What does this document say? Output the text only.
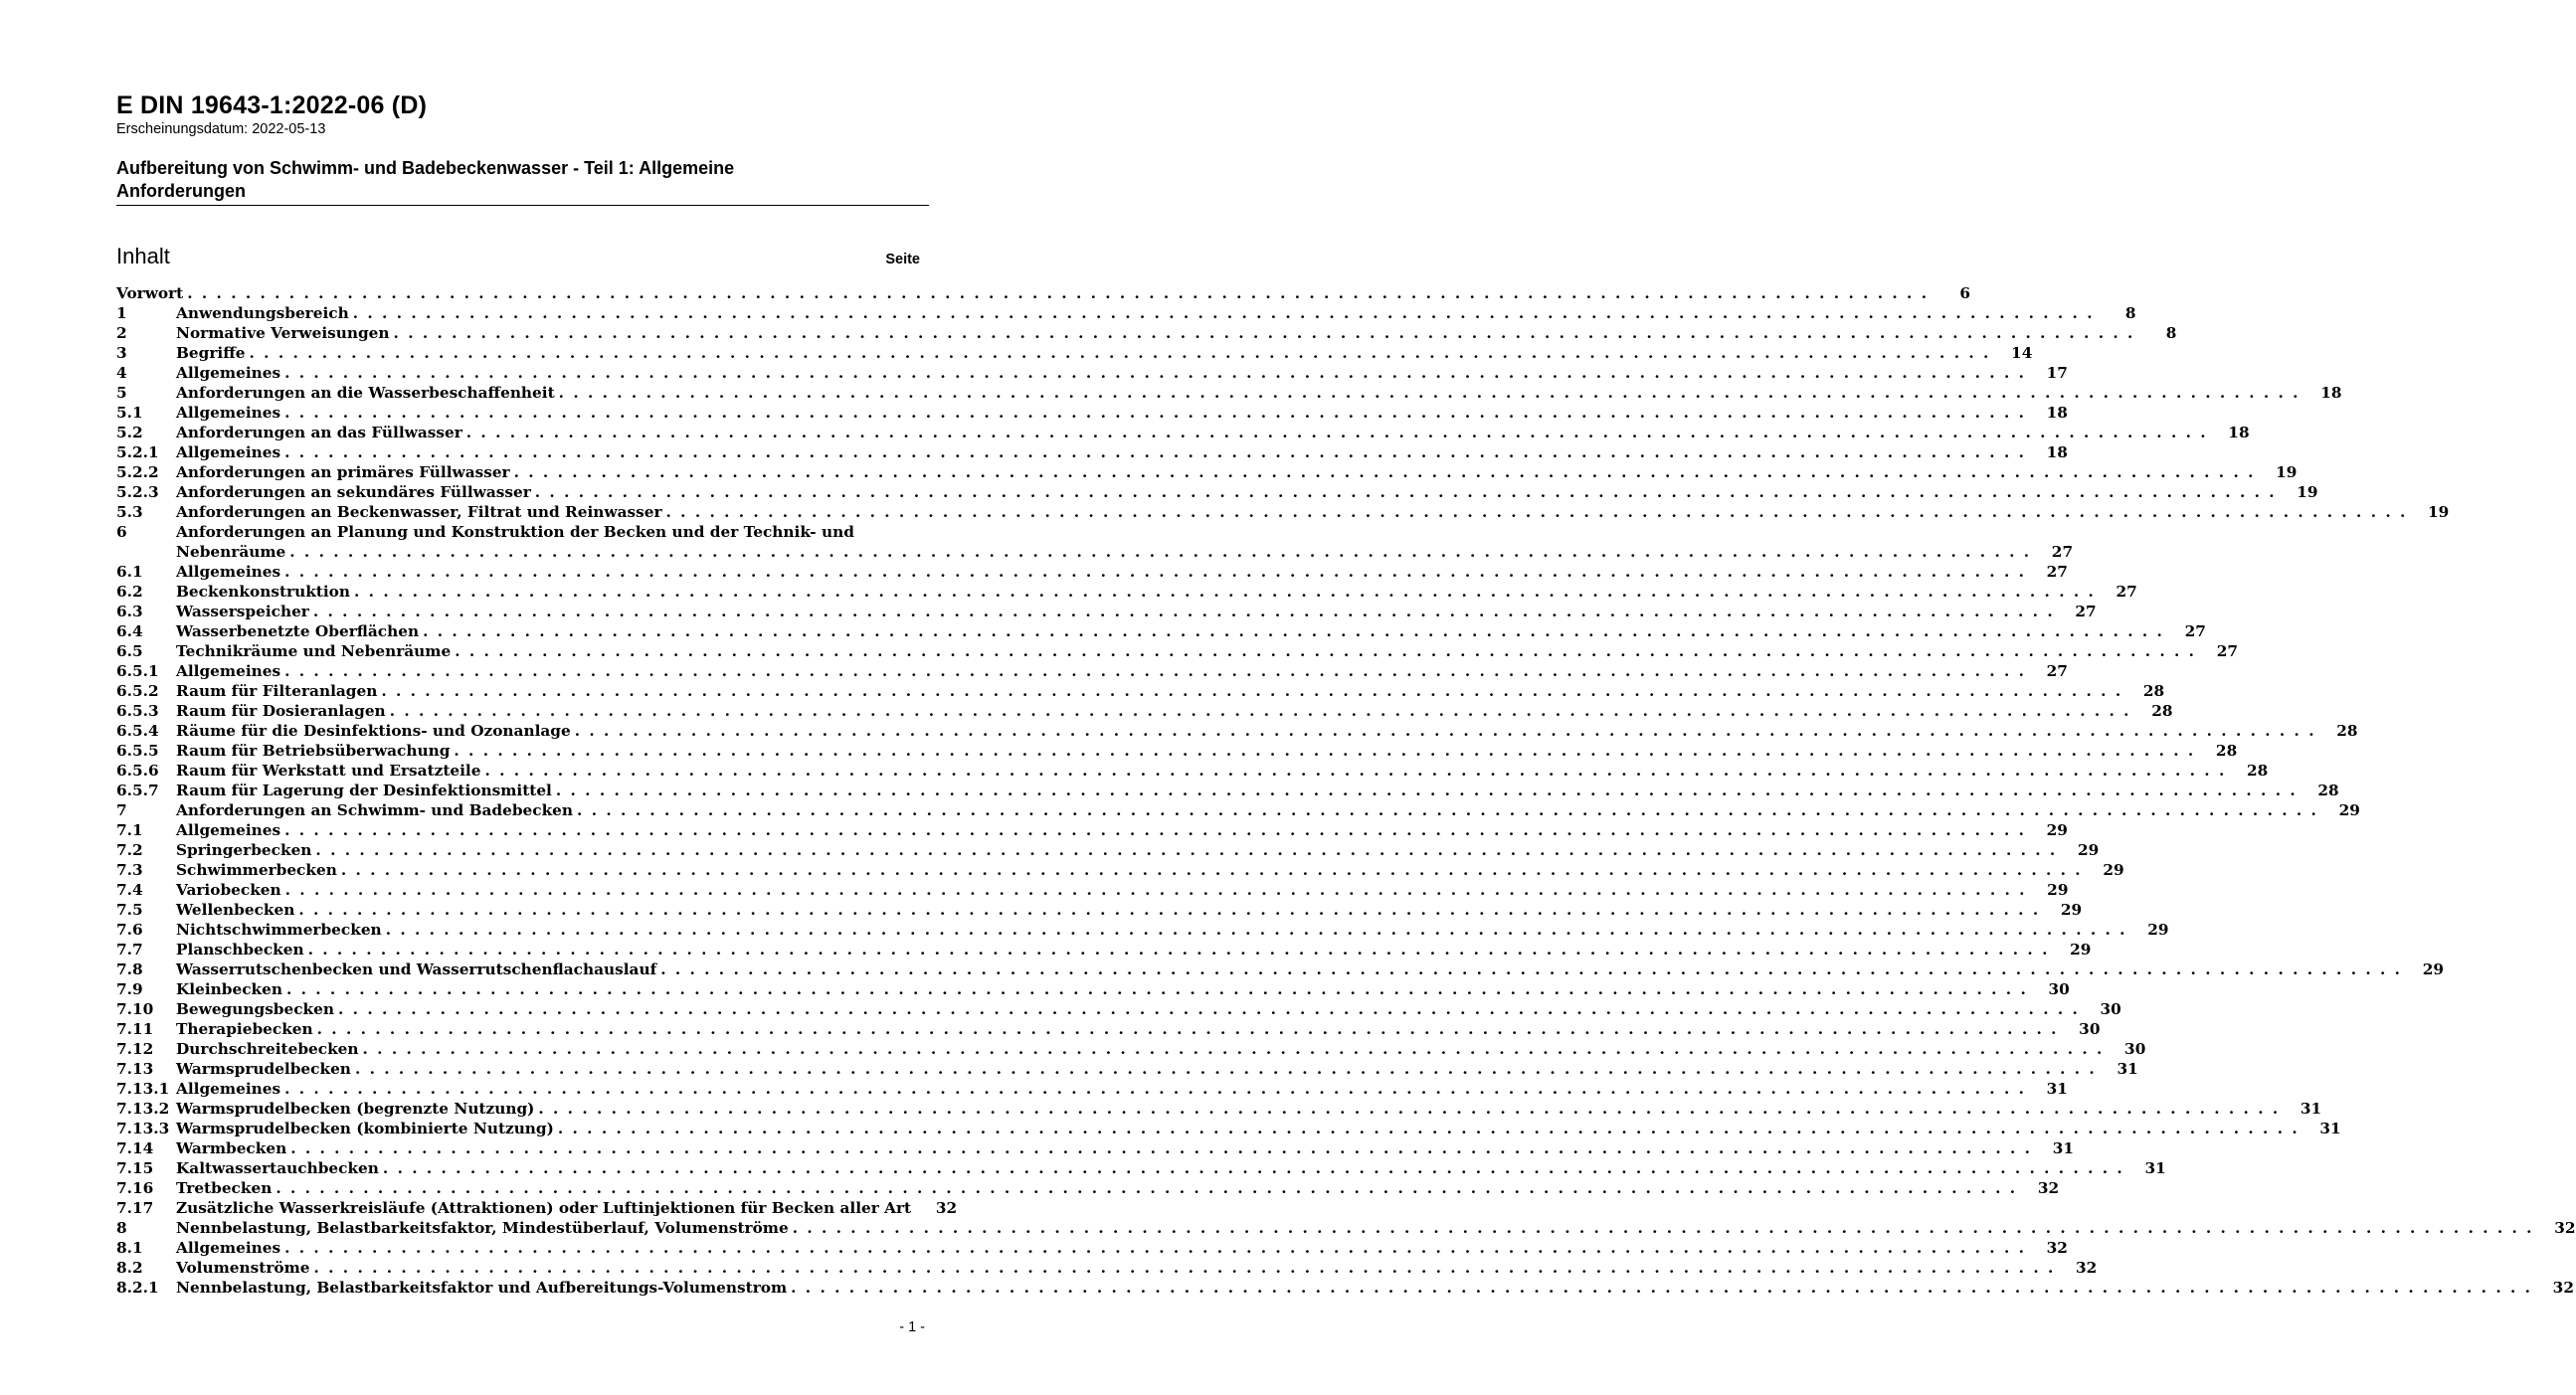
E DIN 19643-1:2022-06 (D)
Erscheinungsdatum: 2022-05-13
Aufbereitung von Schwimm- und Badebeckenwasser - Teil 1: Allgemeine
Anforderungen
Inhalt	Seite
Vorwort . . . . . . . . . . . . . . . . . . . . . . . . . . . . . . . . . . . . . . . . . . . . . . . . . . . . . . . . . . . . . . . . . . . . . . . . . . . . . . . . . . . . . . . . . . . . . . . . . . . . . . . . . . . . . . . . . . . . . . . .	6
1	Anwendungsbereich . . . . . . . . . . . . . . . . . . . . . . . . . . . . . . . . . . . . . . . . . . . . . . . . . . . . . . . . . . . . . . . . . . . . . . . . . . . . . . . . . . . . . . . . . . . . . . . . . . . . . . . . . . . . . . . . . . . . . . . .	8
2	Normative Verweisungen . . . . . . . . . . . . . . . . . . . . . . . . . . . . . . . . . . . . . . . . . . . . . . . . . . . . . . . . . . . . . . . . . . . . . . . . . . . . . . . . . . . . . . . . . . . . . . . . . . . . . . . . . . . . . . . . . . . . . . . .	8
3	Begriffe . . . . . . . . . . . . . . . . . . . . . . . . . . . . . . . . . . . . . . . . . . . . . . . . . . . . . . . . . . . . . . . . . . . . . . . . . . . . . . . . . . . . . . . . . . . . . . . . . . . . . . . . . . . . . . . . . . . . . . . .	14
4	Allgemeines . . . . . . . . . . . . . . . . . . . . . . . . . . . . . . . . . . . . . . . . . . . . . . . . . . . . . . . . . . . . . . . . . . . . . . . . . . . . . . . . . . . . . . . . . . . . . . . . . . . . . . . . . . . . . . . . . . . . . . . .	17
5	Anforderungen an die Wasserbeschaffenheit . . . . . . . . . . . . . . . . . . . . . . . . . . . . . . . . . . . . . . . . . . . . . . . . . . . . . . . . . . . . . . . . . . . . . . . . . . . . . . . . . . . . . . . . . . . . . . . . . . . . . . . . . . . . . . . . . . . . . . . .	18
5.1 Allgemeines . . . . . . . . . . . . . . . . . . . . . . . . . . . . . . . . . . . . . . . . . . . . . . . . . . . . . . . . . . . . . . . . . . . . . . . . . . . . . . . . . . . . . . . . . . . . . . . . . . . . . . . . . . . . . . . . . . . . . . . .	18
5.2 Anforderungen an das Füllwasser . . . . . . . . . . . . . . . . . . . . . . . . . . . . . . . . . . . . . . . . . . . . . . . . . . . . . . . . . . . . . . . . . . . . . . . . . . . . . . . . . . . . . . . . . . . . . . . . . . . . . . . . . . . . . . . . . . . . . . . .	18
5.2.1 Allgemeines . . . . . . . . . . . . . . . . . . . . . . . . . . . . . . . . . . . . . . . . . . . . . . . . . . . . . . . . . . . . . . . . . . . . . . . . . . . . . . . . . . . . . . . . . . . . . . . . . . . . . . . . . . . . . . . . . . . . . . . .	18
5.2.2 Anforderungen an primäres Füllwasser . . . . . . . . . . . . . . . . . . . . . . . . . . . . . . . . . . . . . . . . . . . . . . . . . . . . . . . . . . . . . . . . . . . . . . . . . . . . . . . . . . . . . . . . . . . . . . . . . . . . . . . . . . . . . . . . . . . . . . . .	19
5.2.3 Anforderungen an sekundäres Füllwasser . . . . . . . . . . . . . . . . . . . . . . . . . . . . . . . . . . . . . . . . . . . . . . . . . . . . . . . . . . . . . . . . . . . . . . . . . . . . . . . . . . . . . . . . . . . . . . . . . . . . . . . . . . . . . . . . . . . . . . . .	19
5.3 Anforderungen an Beckenwasser, Filtrat und Reinwasser . . . . . . . . . . . . . . . . . . . . . . . . . . . . . . . . . . . . . . . . . . . . . . . . . . . . . . . . . . . . . . . . . . . . . . . . . . . . . . . . . . . . . . . . . . . . . . . . . . . . . . . . . . . . . . . . . . . . . . . .	19
6	Anforderungen an Planung und Konstruktion der Becken und der Technik- und
Nebenräume . . . . . . . . . . . . . . . . . . . . . . . . . . . . . . . . . . . . . . . . . . . . . . . . . . . . . . . . . . . . . . . . . . . . . . . . . . . . . . . . . . . . . . . . . . . . . . . . . . . . . . . . . . . . . . . . . . . . . . . .	27
6.1 Allgemeines . . . . . . . . . . . . . . . . . . . . . . . . . . . . . . . . . . . . . . . . . . . . . . . . . . . . . . . . . . . . . . . . . . . . . . . . . . . . . . . . . . . . . . . . . . . . . . . . . . . . . . . . . . . . . . . . . . . . . . . .	27
6.2 Beckenkonstruktion . . . . . . . . . . . . . . . . . . . . . . . . . . . . . . . . . . . . . . . . . . . . . . . . . . . . . . . . . . . . . . . . . . . . . . . . . . . . . . . . . . . . . . . . . . . . . . . . . . . . . . . . . . . . . . . . . . . . . . . .	27
6.3 Wasserspeicher . . . . . . . . . . . . . . . . . . . . . . . . . . . . . . . . . . . . . . . . . . . . . . . . . . . . . . . . . . . . . . . . . . . . . . . . . . . . . . . . . . . . . . . . . . . . . . . . . . . . . . . . . . . . . . . . . . . . . . . .	27
6.4 Wasserbenetzte Oberflächen . . . . . . . . . . . . . . . . . . . . . . . . . . . . . . . . . . . . . . . . . . . . . . . . . . . . . . . . . . . . . . . . . . . . . . . . . . . . . . . . . . . . . . . . . . . . . . . . . . . . . . . . . . . . . . . . . . . . . . . .	27
6.5 Technikräume und Nebenräume . . . . . . . . . . . . . . . . . . . . . . . . . . . . . . . . . . . . . . . . . . . . . . . . . . . . . . . . . . . . . . . . . . . . . . . . . . . . . . . . . . . . . . . . . . . . . . . . . . . . . . . . . . . . . . . . . . . . . . . .	27
6.5.1 Allgemeines . . . . . . . . . . . . . . . . . . . . . . . . . . . . . . . . . . . . . . . . . . . . . . . . . . . . . . . . . . . . . . . . . . . . . . . . . . . . . . . . . . . . . . . . . . . . . . . . . . . . . . . . . . . . . . . . . . . . . . . .	27
6.5.2 Raum für Filteranlagen . . . . . . . . . . . . . . . . . . . . . . . . . . . . . . . . . . . . . . . . . . . . . . . . . . . . . . . . . . . . . . . . . . . . . . . . . . . . . . . . . . . . . . . . . . . . . . . . . . . . . . . . . . . . . . . . . . . . . . . .	28
6.5.3 Raum für Dosieranlagen . . . . . . . . . . . . . . . . . . . . . . . . . . . . . . . . . . . . . . . . . . . . . . . . . . . . . . . . . . . . . . . . . . . . . . . . . . . . . . . . . . . . . . . . . . . . . . . . . . . . . . . . . . . . . . . . . . . . . . . .	28
6.5.4 Räume für die Desinfektions- und Ozonanlage . . . . . . . . . . . . . . . . . . . . . . . . . . . . . . . . . . . . . . . . . . . . . . . . . . . . . . . . . . . . . . . . . . . . . . . . . . . . . . . . . . . . . . . . . . . . . . . . . . . . . . . . . . . . . . . . . . . . . . . .	28
6.5.5 Raum für Betriebsüberwachung . . . . . . . . . . . . . . . . . . . . . . . . . . . . . . . . . . . . . . . . . . . . . . . . . . . . . . . . . . . . . . . . . . . . . . . . . . . . . . . . . . . . . . . . . . . . . . . . . . . . . . . . . . . . . . . . . . . . . . . .	28
6.5.6 Raum für Werkstatt und Ersatzteile . . . . . . . . . . . . . . . . . . . . . . . . . . . . . . . . . . . . . . . . . . . . . . . . . . . . . . . . . . . . . . . . . . . . . . . . . . . . . . . . . . . . . . . . . . . . . . . . . . . . . . . . . . . . . . . . . . . . . . . .	28
6.5.7 Raum für Lagerung der Desinfektionsmittel . . . . . . . . . . . . . . . . . . . . . . . . . . . . . . . . . . . . . . . . . . . . . . . . . . . . . . . . . . . . . . . . . . . . . . . . . . . . . . . . . . . . . . . . . . . . . . . . . . . . . . . . . . . . . . . . . . . . . . . .	28
7	Anforderungen an Schwimm- und Badebecken . . . . . . . . . . . . . . . . . . . . . . . . . . . . . . . . . . . . . . . . . . . . . . . . . . . . . . . . . . . . . . . . . . . . . . . . . . . . . . . . . . . . . . . . . . . . . . . . . . . . . . . . . . . . . . . . . . . . . . . .	29
7.1 Allgemeines . . . . . . . . . . . . . . . . . . . . . . . . . . . . . . . . . . . . . . . . . . . . . . . . . . . . . . . . . . . . . . . . . . . . . . . . . . . . . . . . . . . . . . . . . . . . . . . . . . . . . . . . . . . . . . . . . . . . . . . .	29
7.2 Springerbecken . . . . . . . . . . . . . . . . . . . . . . . . . . . . . . . . . . . . . . . . . . . . . . . . . . . . . . . . . . . . . . . . . . . . . . . . . . . . . . . . . . . . . . . . . . . . . . . . . . . . . . . . . . . . . . . . . . . . . . . .	29
7.3 Schwimmerbecken . . . . . . . . . . . . . . . . . . . . . . . . . . . . . . . . . . . . . . . . . . . . . . . . . . . . . . . . . . . . . . . . . . . . . . . . . . . . . . . . . . . . . . . . . . . . . . . . . . . . . . . . . . . . . . . . . . . . . . . .	29
7.4 Variobecken . . . . . . . . . . . . . . . . . . . . . . . . . . . . . . . . . . . . . . . . . . . . . . . . . . . . . . . . . . . . . . . . . . . . . . . . . . . . . . . . . . . . . . . . . . . . . . . . . . . . . . . . . . . . . . . . . . . . . . . .	29
7.5 Wellenbecken . . . . . . . . . . . . . . . . . . . . . . . . . . . . . . . . . . . . . . . . . . . . . . . . . . . . . . . . . . . . . . . . . . . . . . . . . . . . . . . . . . . . . . . . . . . . . . . . . . . . . . . . . . . . . . . . . . . . . . . .	29
7.6 Nichtschwimmerbecken . . . . . . . . . . . . . . . . . . . . . . . . . . . . . . . . . . . . . . . . . . . . . . . . . . . . . . . . . . . . . . . . . . . . . . . . . . . . . . . . . . . . . . . . . . . . . . . . . . . . . . . . . . . . . . . . . . . . . . . .	29
7.7 Planschbecken . . . . . . . . . . . . . . . . . . . . . . . . . . . . . . . . . . . . . . . . . . . . . . . . . . . . . . . . . . . . . . . . . . . . . . . . . . . . . . . . . . . . . . . . . . . . . . . . . . . . . . . . . . . . . . . . . . . . . . . .	29
7.8 Wasserrutschenbecken und Wasserrutschenflachauslauf . . . . . . . . . . . . . . . . . . . . . . . . . . . . . . . . . . . . . . . . . . . . . . . . . . . . . . . . . . . . . . . . . . . . . . . . . . . . . . . . . . . . . . . . . . . . . . . . . . . . . . . . . . . . . . . . . . . . . . . .	29
7.9 Kleinbecken . . . . . . . . . . . . . . . . . . . . . . . . . . . . . . . . . . . . . . . . . . . . . . . . . . . . . . . . . . . . . . . . . . . . . . . . . . . . . . . . . . . . . . . . . . . . . . . . . . . . . . . . . . . . . . . . . . . . . . . .	30
7.10 Bewegungsbecken . . . . . . . . . . . . . . . . . . . . . . . . . . . . . . . . . . . . . . . . . . . . . . . . . . . . . . . . . . . . . . . . . . . . . . . . . . . . . . . . . . . . . . . . . . . . . . . . . . . . . . . . . . . . . . . . . . . . . . . .	30
7.11 Therapiebecken . . . . . . . . . . . . . . . . . . . . . . . . . . . . . . . . . . . . . . . . . . . . . . . . . . . . . . . . . . . . . . . . . . . . . . . . . . . . . . . . . . . . . . . . . . . . . . . . . . . . . . . . . . . . . . . . . . . . . . . .	30
7.12 Durchschreitebecken . . . . . . . . . . . . . . . . . . . . . . . . . . . . . . . . . . . . . . . . . . . . . . . . . . . . . . . . . . . . . . . . . . . . . . . . . . . . . . . . . . . . . . . . . . . . . . . . . . . . . . . . . . . . . . . . . . . . . . . .	30
7.13 Warmsprudelbecken . . . . . . . . . . . . . . . . . . . . . . . . . . . . . . . . . . . . . . . . . . . . . . . . . . . . . . . . . . . . . . . . . . . . . . . . . . . . . . . . . . . . . . . . . . . . . . . . . . . . . . . . . . . . . . . . . . . . . . . .	31
7.13.1 Allgemeines . . . . . . . . . . . . . . . . . . . . . . . . . . . . . . . . . . . . . . . . . . . . . . . . . . . . . . . . . . . . . . . . . . . . . . . . . . . . . . . . . . . . . . . . . . . . . . . . . . . . . . . . . . . . . . . . . . . . . . . .	31
7.13.2 Warmsprudelbecken (begrenzte Nutzung) . . . . . . . . . . . . . . . . . . . . . . . . . . . . . . . . . . . . . . . . . . . . . . . . . . . . . . . . . . . . . . . . . . . . . . . . . . . . . . . . . . . . . . . . . . . . . . . . . . . . . . . . . . . . . . . . . . . . . . . .	31
7.13.3 Warmsprudelbecken (kombinierte Nutzung) . . . . . . . . . . . . . . . . . . . . . . . . . . . . . . . . . . . . . . . . . . . . . . . . . . . . . . . . . . . . . . . . . . . . . . . . . . . . . . . . . . . . . . . . . . . . . . . . . . . . . . . . . . . . . . . . . . . . . . . .	31
7.14 Warmbecken . . . . . . . . . . . . . . . . . . . . . . . . . . . . . . . . . . . . . . . . . . . . . . . . . . . . . . . . . . . . . . . . . . . . . . . . . . . . . . . . . . . . . . . . . . . . . . . . . . . . . . . . . . . . . . . . . . . . . . . .	31
7.15 Kaltwassertauchbecken . . . . . . . . . . . . . . . . . . . . . . . . . . . . . . . . . . . . . . . . . . . . . . . . . . . . . . . . . . . . . . . . . . . . . . . . . . . . . . . . . . . . . . . . . . . . . . . . . . . . . . . . . . . . . . . . . . . . . . . .	31
7.16 Tretbecken . . . . . . . . . . . . . . . . . . . . . . . . . . . . . . . . . . . . . . . . . . . . . . . . . . . . . . . . . . . . . . . . . . . . . . . . . . . . . . . . . . . . . . . . . . . . . . . . . . . . . . . . . . . . . . . . . . . . . . . .	32
7.17 Zusätzliche Wasserkreisläufe (Attraktionen) oder Luftinjektionen für Becken aller Art	32
8	Nennbelastung, Belastbarkeitsfaktor, Mindestüberlauf, Volumenströme . . . . . . . . . . . . . . . . . . . . . . . . . . . . . . . . . . . . . . . . . . . . . . . . . . . . . . . . . . . . . . . . . . . . . . . . . . . . . . . . . . . . . . . . . . . . . . . . . . . . . . . . . . . . . . . . . . . . . . . .	32
8.1 Allgemeines . . . . . . . . . . . . . . . . . . . . . . . . . . . . . . . . . . . . . . . . . . . . . . . . . . . . . . . . . . . . . . . . . . . . . . . . . . . . . . . . . . . . . . . . . . . . . . . . . . . . . . . . . . . . . . . . . . . . . . . .	32
8.2 Volumenströme . . . . . . . . . . . . . . . . . . . . . . . . . . . . . . . . . . . . . . . . . . . . . . . . . . . . . . . . . . . . . . . . . . . . . . . . . . . . . . . . . . . . . . . . . . . . . . . . . . . . . . . . . . . . . . . . . . . . . . . .	32
8.2.1 Nennbelastung, Belastbarkeitsfaktor und Aufbereitungs-Volumenstrom . . . . . . . . . . . . . . . . . . . . . . . . . . . . . . . . . . . . . . . . . . . . . . . . . . . . . . . . . . . . . . . . . . . . . . . . . . . . . . . . . . . . . . . . . . . . . . . . . . . . . . . . . . . . . . . . . . . . . . . .	32
- 1 -
